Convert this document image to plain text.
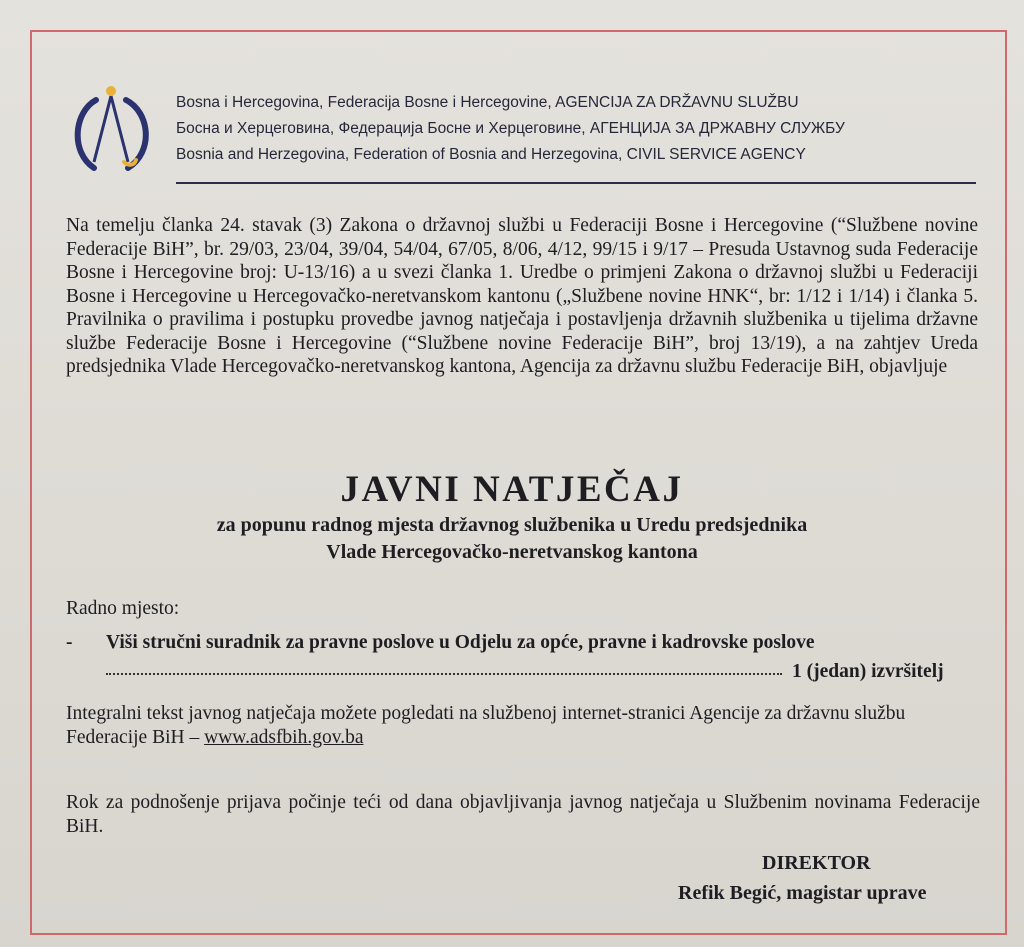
Bosna i Hercegovina, Federacija Bosne i Hercegovine, AGENCIJA ZA DRŽAVNU SLUŽBU
Босна и Херцеговина, Федерација Босне и Херцеговине, АГЕНЦИЈА ЗА ДРЖАВНУ СЛУЖБУ
Bosnia and Herzegovina, Federation of Bosnia and Herzegovina, CIVIL SERVICE AGENCY
Na temelju članka 24. stavak (3) Zakona o državnoj službi u Federaciji Bosne i Hercegovine (“Službene novine Federacije BiH”, br. 29/03, 23/04, 39/04, 54/04, 67/05, 8/06, 4/12, 99/15 i 9/17 – Presuda Ustavnog suda Federacije Bosne i Hercegovine broj: U-13/16) a u svezi članka 1. Uredbe o primjeni Zakona o državnoj službi u Federaciji Bosne i Hercegovine u Hercegovačko-neretvanskom kantonu („Službene novine HNK“, br: 1/12 i 1/14) i članka 5. Pravilnika o pravilima i postupku provedbe javnog natječaja i postavljenja državnih službenika u tijelima državne službe Federacije Bosne i Hercegovine (“Službene novine Federacije BiH”, broj 13/19), a na zahtjev Ureda predsjednika Vlade Hercegovačko-neretvanskog kantona, Agencija za državnu službu Federacije BiH, objavljuje
JAVNI NATJEČAJ
za popunu radnog mjesta državnog službenika u Uredu predsjednika
Vlade Hercegovačko-neretvanskog kantona
Radno mjesto:
- Viši stručni suradnik za pravne poslove u Odjelu za opće, pravne i kadrovske poslove
1 (jedan) izvršitelj
Integralni tekst javnog natječaja možete pogledati na službenoj internet-stranici Agencije za državnu službu Federacije BiH – www.adsfbih.gov.ba
Rok za podnošenje prijava počinje teći od dana objavljivanja javnog natječaja u Službenim novinama Federacije BiH.
DIREKTOR
Refik Begić, magistar uprave
